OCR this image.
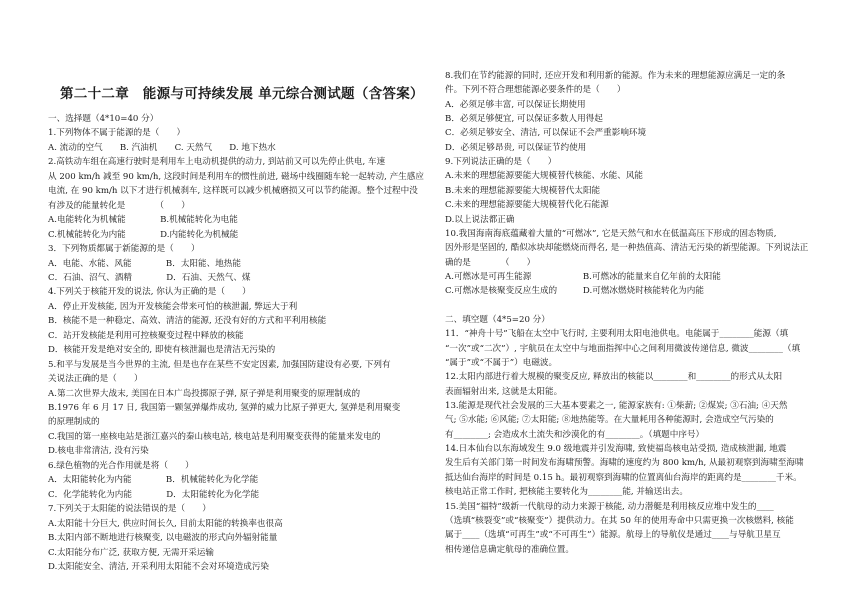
第二十二章　能源与可持续发展 单元综合测试题（含答案）
一、选择题（4*10=40 分）
1.下列物体不属于能源的是（　　）
A. 流动的空气　　B. 汽油机　　C. 天然气　　D. 地下热水
2.高铁动车组在高速行驶时是利用车上电动机提供的动力, 到站前又可以先停止供电, 车速
从 200 km/h 减至 90 km/h, 这段时间是利用车的惯性前进, 磁场中线圈随车轮一起转动, 产生感应
电流, 在 90 km/h 以下才进行机械刹车, 这样既可以减少机械磨损又可以节约能源。整个过程中没
有涉及的能量转化是　　　　（　　）
A.电能转化为机械能　　　　B.机械能转化为电能
C.机械能转化为内能　　　　D.内能转化为机械能
3．下列物质都属于新能源的是（　　）
A．电能、水能、风能　　　　B．太阳能、地热能
C．石油、沼气、酒精　　　　D．石油、天然气、煤
4.下列关于核能开发的说法, 你认为正确的是（　　）
A．停止开发核能, 因为开发核能会带来可怕的核泄漏, 弊远大于利
B．核能不是一种稳定、高效、清洁的能源, 还没有好的方式和平利用核能
C．站开发核能是利用可控核聚变过程中释放的核能
D．核能开发是绝对安全的, 即使有核泄漏也是清洁无污染的
5.和平与发展是当今世界的主流, 但是也存在某些不安定因素, 加强国防建设有必要, 下列有
关说法正确的是（　　）
A.第二次世界大战末, 美国在日本广岛投掷原子弹, 原子弹是利用聚变的原理制成的
B.1976 年 6 月 17 日, 我国第一颗氢弹爆炸成功, 氢弹的威力比原子弹更大, 氢弹是利用聚变
的原理制成的
C.我国的第一座核电站是浙江嘉兴的秦山核电站, 核电站是利用聚变获得的能量来发电的
D.核电非常清洁, 没有污染
6.绿色植物的光合作用就是将（　　）
A．太阳能转化为内能　　　　B．机械能转化为化学能
C．化学能转化为内能　　　　D．太阳能转化为化学能
7.下列关于太阳能的说法错误的是（　　）
A.太阳能十分巨大, 供应时间长久, 目前太阳能的转换率也很高
B.太阳内部不断地进行核聚变, 以电磁波的形式向外辐射能量
C.太阳能分布广泛, 获取方便, 无需开采运输
D.太阳能安全、清洁, 开采利用太阳能不会对环境造成污染
8.我们在节约能源的同时, 还应开发和利用新的能源。作为未来的理想能源应满足一定的条
件。下列不符合理想能源必要条件的是（　　）
A．必须足够丰富, 可以保证长期使用
B．必须足够便宜, 可以保证多数人用得起
C．必须足够安全、清洁, 可以保证不会严重影响环境
D．必须足够昂贵, 可以保证节约使用
9.下列说法正确的是（　　）
A.未来的理想能源要能大规模替代核能、水能、风能
B.未来的理想能源要能大规模替代太阳能
C.未来的理想能源要能大规模替代化石能源
D.以上说法都正确
10.我国海南海底蕴藏着大量的“可燃冰”, 它是天然气和水在低温高压下形成的固态物质,
因外形是坚固的, 酷似冰块却能燃烧而得名, 是一种热值高、清洁无污染的新型能源。下列说法正
确的是　　　　（　　）
A.可燃冰是可再生能源　　　　　　B.可燃冰的能量来自亿年前的太阳能
C.可燃冰是核聚变反应生成的　　　D.可燃冰燃烧时核能转化为内能
二、填空题（4*5=20 分）
11．“神舟十号”飞船在太空中飞行时, 主要利用太阳电池供电。电能属于________能源（填
“一次”或“二次”）, 宇航员在太空中与地面指挥中心之间利用微波传递信息, 微波________（填
“属于”或“不属于”）电磁波。
12.太阳内部进行着大规模的聚变反应, 释放出的核能以________和________的形式从太阳
表面辐射出来, 这就是太阳能。
13.能源是现代社会发展的三大基本要素之一, 能源家族有: ①柴薪; ②煤炭; ③石油; ④天然
气; ⑤水能; ⑥风能; ⑦太阳能; ⑧地热能等。在大量耗用各种能源时, 会造成空气污染的
有________; 会造成水土流失和沙漠化的有________。（填题中序号）
14.日本仙台以东海域发生 9.0 级地震并引发海啸, 致使福岛核电站受损, 造成核泄漏, 地震
发生后有关部门第一时间发布海啸预警。海啸的速度约为 800 km/h, 从最初观察到海啸至海啸
抵达仙台海岸的时间是 0.15 h。最初观察到海啸的位置离仙台海岸的距离约是________千米。
核电站正常工作时, 把核能主要转化为________能, 并输送出去。
15.美国“福特”级新一代航母的动力来源于核能, 动力潜艇是利用核反应堆中发生的____
（选填“核裂变”或“核聚变”）提供动力。在其 50 年的使用寿命中只需更换一次核燃料, 核能
属于____（选填“可再生”或“不可再生”）能源。航母上的导航仪是通过____与导航卫星互
相传递信息确定航母的准确位置。
